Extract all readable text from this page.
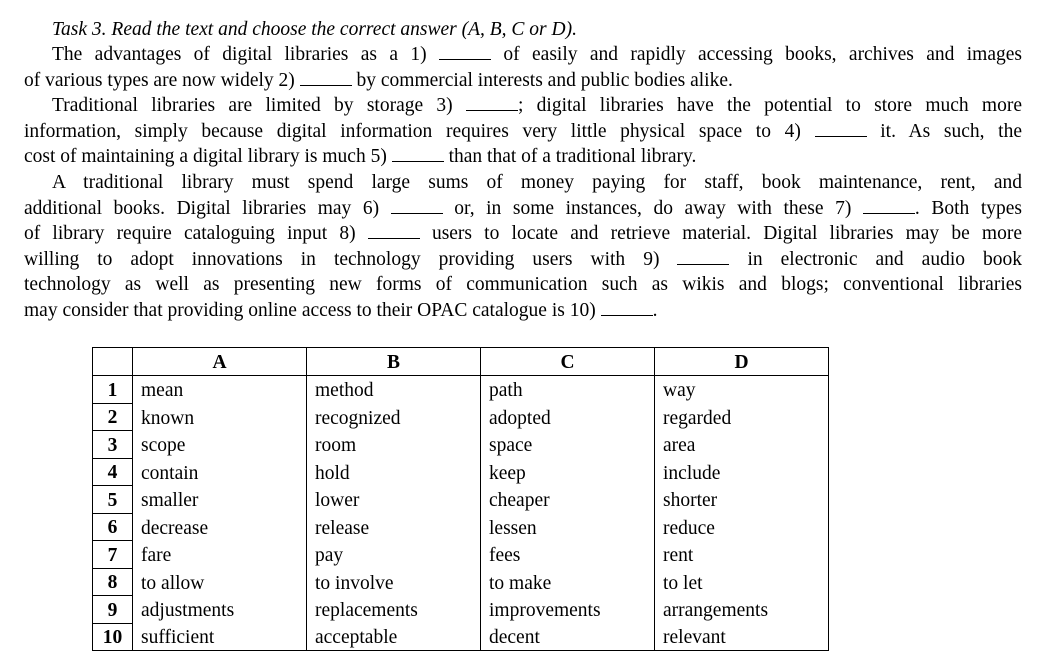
Task 3. Read the text and choose the correct answer (A, B, C or D).
The advantages of digital libraries as a 1)	of easily and rapidly accessing books, archives and images
of various types are now widely 2)	by commercial interests and public bodies alike.
Traditional libraries are limited by storage 3)	; digital libraries have the potential to store much more
information, simply because digital information requires very little physical space to 4)	it. As such, the
cost of maintaining a digital library is much 5)	than that of a traditional library.
A traditional library must spend large sums of money paying for staff, book maintenance, rent, and
additional books. Digital libraries may 6)	or, in some instances, do away with these 7)	. Both types
of library require cataloguing input 8)	users to locate and retrieve material. Digital libraries may be more
willing to adopt innovations in technology providing users with 9)	in electronic and audio book
technology as well as presenting new forms of communication such as wikis and blogs; conventional libraries
may consider that providing online access to their OPAC catalogue is 10)	.
	A	B	C	D
1	mean	method	path	way
2	known	recognized	adopted	regarded
3	scope	room	space	area
4	contain	hold	keep	include
5	smaller	lower	cheaper	shorter
6	decrease	release	lessen	reduce
7	fare	pay	fees	rent
8	to allow	to involve	to make	to let
9	adjustments	replacements	improvements	arrangements
10	sufficient	acceptable	decent	relevant
